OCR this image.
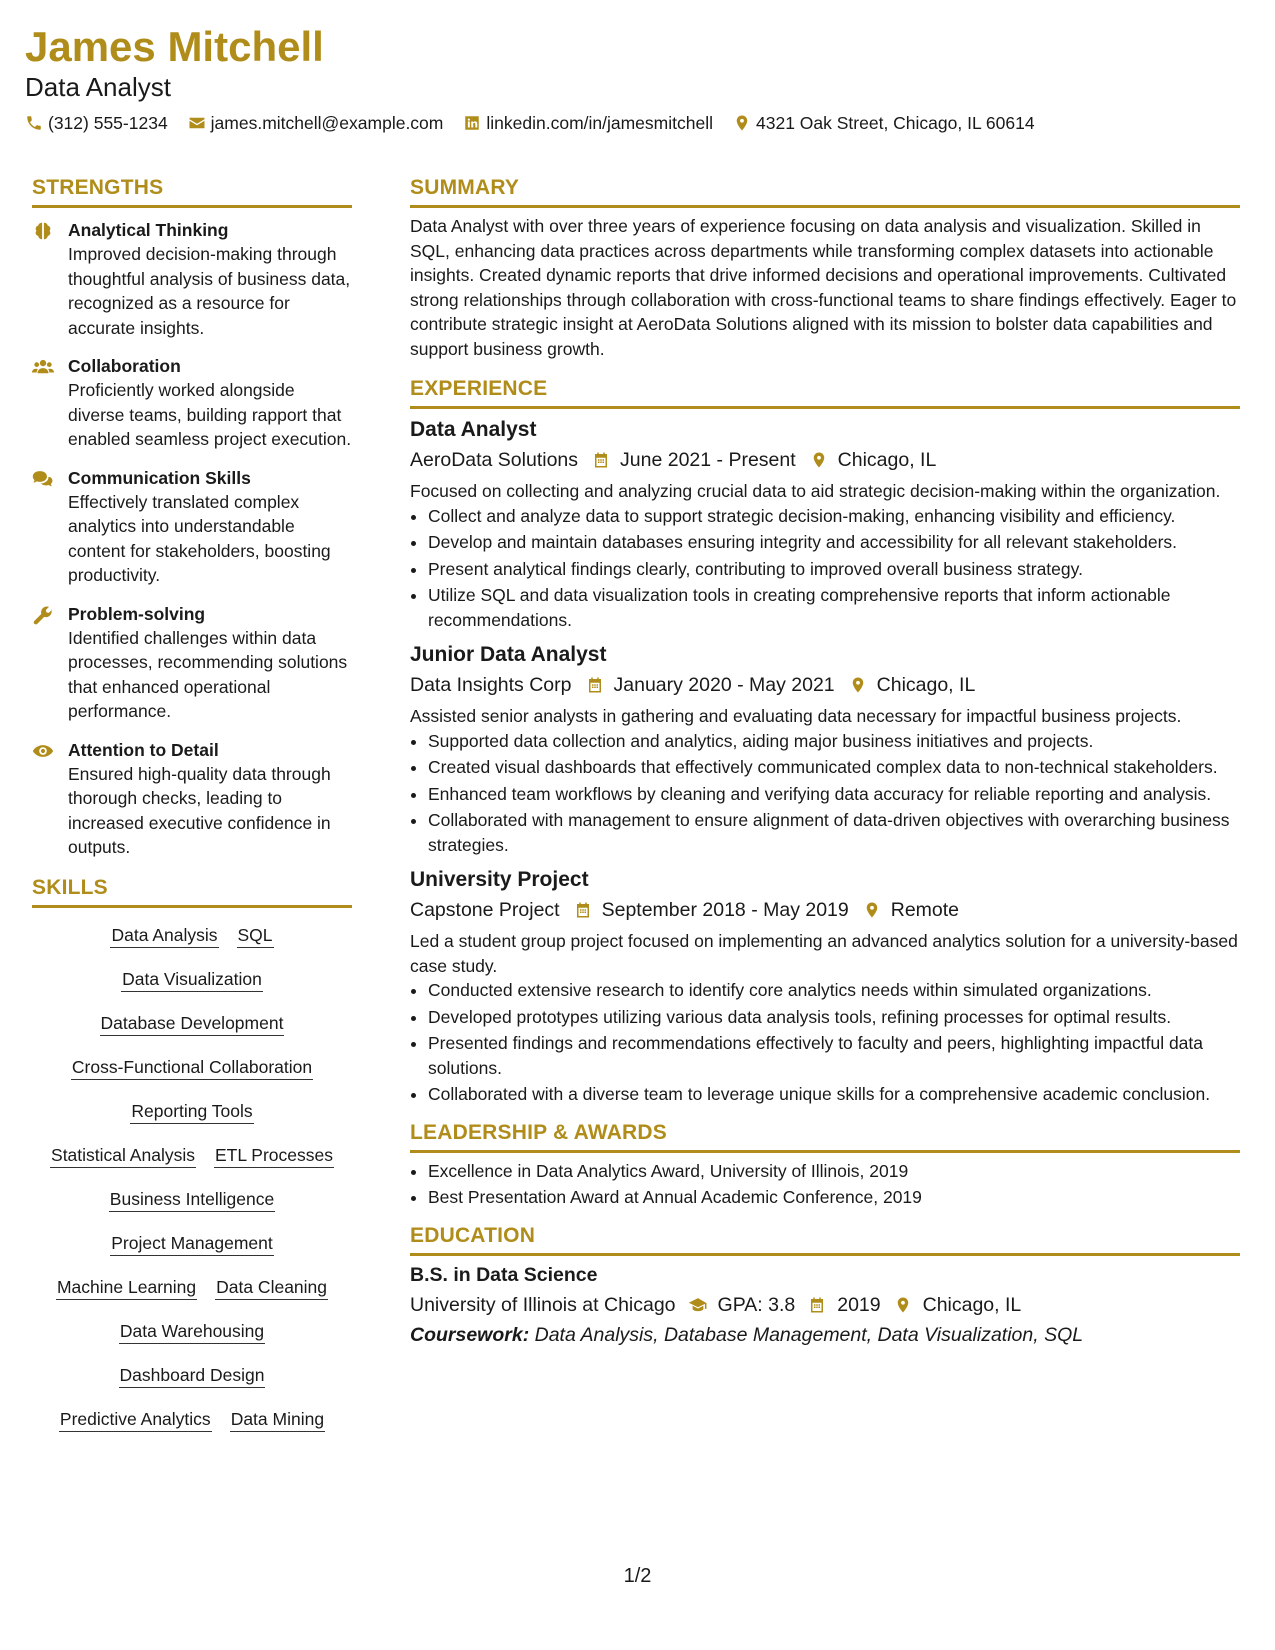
James Mitchell
Data Analyst
(312) 555-1234 james.mitchell@example.com linkedin.com/in/jamesmitchell 4321 Oak Street, Chicago, IL 60614
STRENGTHS
Analytical Thinking
Improved decision-making through thoughtful analysis of business data, recognized as a resource for accurate insights.
Collaboration
Proficiently worked alongside diverse teams, building rapport that enabled seamless project execution.
Communication Skills
Effectively translated complex analytics into understandable content for stakeholders, boosting productivity.
Problem-solving
Identified challenges within data processes, recommending solutions that enhanced operational performance.
Attention to Detail
Ensured high-quality data through thorough checks, leading to increased executive confidence in outputs.
SKILLS
Data Analysis SQL
Data Visualization
Database Development
Cross-Functional Collaboration
Reporting Tools
Statistical Analysis ETL Processes
Business Intelligence
Project Management
Machine Learning Data Cleaning
Data Warehousing
Dashboard Design
Predictive Analytics Data Mining
SUMMARY
Data Analyst with over three years of experience focusing on data analysis and visualization. Skilled in SQL, enhancing data practices across departments while transforming complex datasets into actionable insights. Created dynamic reports that drive informed decisions and operational improvements. Cultivated strong relationships through collaboration with cross-functional teams to share findings effectively. Eager to contribute strategic insight at AeroData Solutions aligned with its mission to bolster data capabilities and support business growth.
EXPERIENCE
Data Analyst
AeroData Solutions June 2021 - Present Chicago, IL
Focused on collecting and analyzing crucial data to aid strategic decision-making within the organization.
• Collect and analyze data to support strategic decision-making, enhancing visibility and efficiency.
• Develop and maintain databases ensuring integrity and accessibility for all relevant stakeholders.
• Present analytical findings clearly, contributing to improved overall business strategy.
• Utilize SQL and data visualization tools in creating comprehensive reports that inform actionable recommendations.
Junior Data Analyst
Data Insights Corp January 2020 - May 2021 Chicago, IL
Assisted senior analysts in gathering and evaluating data necessary for impactful business projects.
• Supported data collection and analytics, aiding major business initiatives and projects.
• Created visual dashboards that effectively communicated complex data to non-technical stakeholders.
• Enhanced team workflows by cleaning and verifying data accuracy for reliable reporting and analysis.
• Collaborated with management to ensure alignment of data-driven objectives with overarching business strategies.
University Project
Capstone Project September 2018 - May 2019 Remote
Led a student group project focused on implementing an advanced analytics solution for a university-based case study.
• Conducted extensive research to identify core analytics needs within simulated organizations.
• Developed prototypes utilizing various data analysis tools, refining processes for optimal results.
• Presented findings and recommendations effectively to faculty and peers, highlighting impactful data solutions.
• Collaborated with a diverse team to leverage unique skills for a comprehensive academic conclusion.
LEADERSHIP & AWARDS
• Excellence in Data Analytics Award, University of Illinois, 2019
• Best Presentation Award at Annual Academic Conference, 2019
EDUCATION
B.S. in Data Science
University of Illinois at Chicago GPA: 3.8 2019 Chicago, IL
Coursework: Data Analysis, Database Management, Data Visualization, SQL
1/2
